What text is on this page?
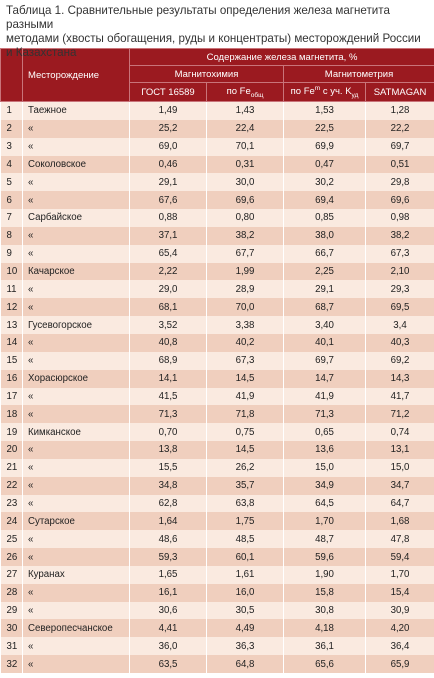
Таблица 1. Сравнительные результаты определения железа магнетита разными
методами (хвосты обогащения, руды и концентраты) месторождений России
и Казахстана
	Месторождение	Содержание железа магнетита, %			
		Магнитохимия		Магнитометрия	
		ГОСТ 16589	по $Fe_{общ}$	по Fe$^m$ с уч. $K_{уд}$	SATMAGAN
1	Таежное	1,49	1,43	1,53	1,28
2	«	25,2	22,4	22,5	22,2
3	«	69,0	70,1	69,9	69,7
4	Соколовское	0,46	0,31	0,47	0,51
5	«	29,1	30,0	30,2	29,8
6	«	67,6	69,6	69,4	69,6
7	Сарбайское	0,88	0,80	0,85	0,98
8	«	37,1	38,2	38,0	38,2
9	«	65,4	67,7	66,7	67,3
10	Качарское	2,22	1,99	2,25	2,10
11	«	29,0	28,9	29,1	29,3
12	«	68,1	70,0	68,7	69,5
13	Гусевогорское	3,52	3,38	3,40	3,4
14	«	40,8	40,2	40,1	40,3
15	«	68,9	67,3	69,7	69,2
16	Хорасюрское	14,1	14,5	14,7	14,3
17	«	41,5	41,9	41,9	41,7
18	«	71,3	71,8	71,3	71,2
19	Кимканское	0,70	0,75	0,65	0,74
20	«	13,8	14,5	13,6	13,1
21	«	15,5	26,2	15,0	15,0
22	«	34,8	35,7	34,9	34,7
23	«	62,8	63,8	64,5	64,7
24	Сутарское	1,64	1,75	1,70	1,68
25	«	48,6	48,5	48,7	47,8
26	«	59,3	60,1	59,6	59,4
27	Куранах	1,65	1,61	1,90	1,70
28	«	16,1	16,0	15,8	15,4
29	«	30,6	30,5	30,8	30,9
30	Северопесчанское	4,41	4,49	4,18	4,20
31	«	36,0	36,3	36,1	36,4
32	«	63,5	64,8	65,6	65,9
